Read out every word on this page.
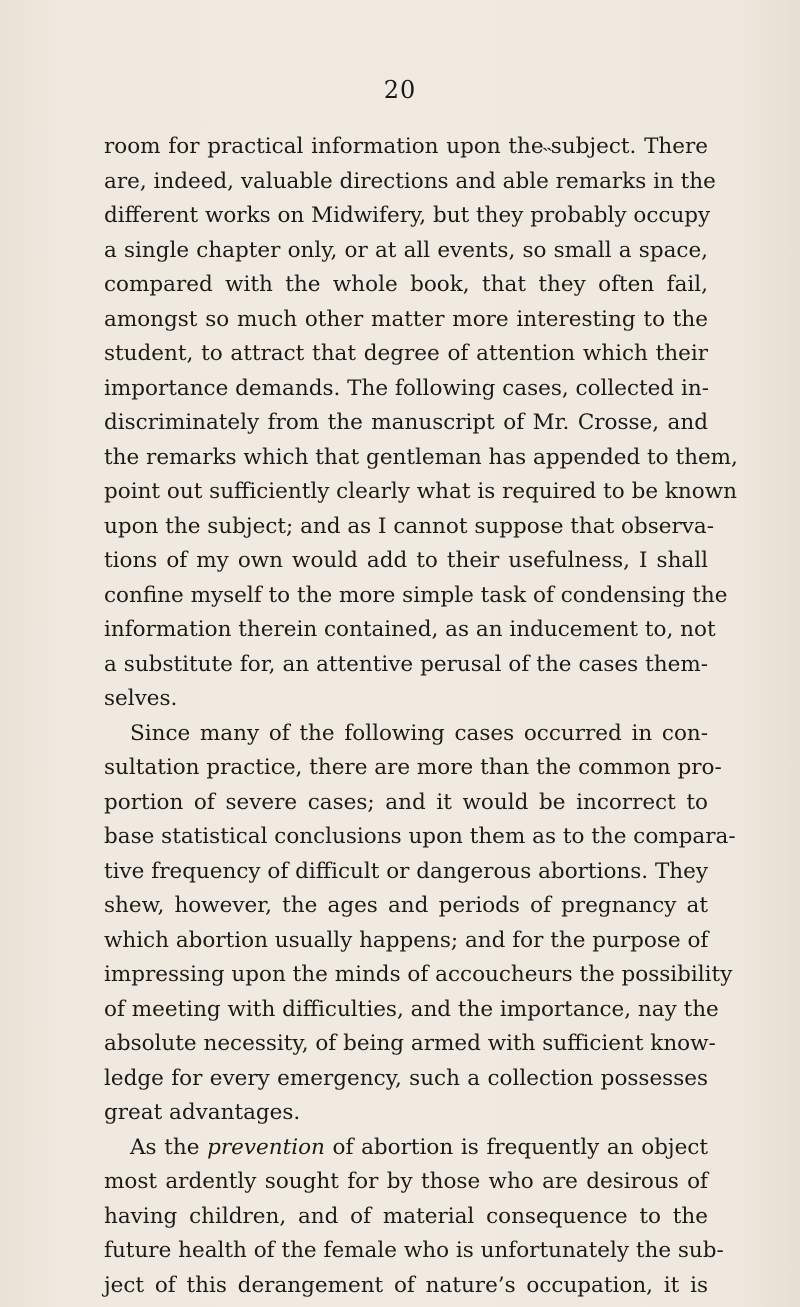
20
room for practical information upon the˵subject. There
are, indeed, valuable directions and able remarks in the
different works on Midwifery, but they probably occupy
a single chapter only, or at all events, so small a space,
compared with the whole book, that they often fail,
amongst so much other matter more interesting to the
student, to attract that degree of attention which their
importance demands. The following cases, collected in-
discriminately from the manuscript of Mr. Crosse, and
the remarks which that gentleman has appended to them,
point out sufficiently clearly what is required to be known
upon the subject; and as I cannot suppose that observa-
tions of my own would add to their usefulness, I shall
confine myself to the more simple task of condensing the
information therein contained, as an inducement to, not
a substitute for, an attentive perusal of the cases them-
selves.
Since many of the following cases occurred in con-
sultation practice, there are more than the common pro-
portion of severe cases; and it would be incorrect to
base statistical conclusions upon them as to the compara-
tive frequency of difficult or dangerous abortions. They
shew, however, the ages and periods of pregnancy at
which abortion usually happens; and for the purpose of
impressing upon the minds of accoucheurs the possibility
of meeting with difficulties, and the importance, nay the
absolute necessity, of being armed with sufficient know-
ledge for every emergency, such a collection possesses
great advantages.
As the prevention of abortion is frequently an object
most ardently sought for by those who are desirous of
having children, and of material consequence to the
future health of the female who is unfortunately the sub-
ject of this derangement of nature’s occupation, it is
